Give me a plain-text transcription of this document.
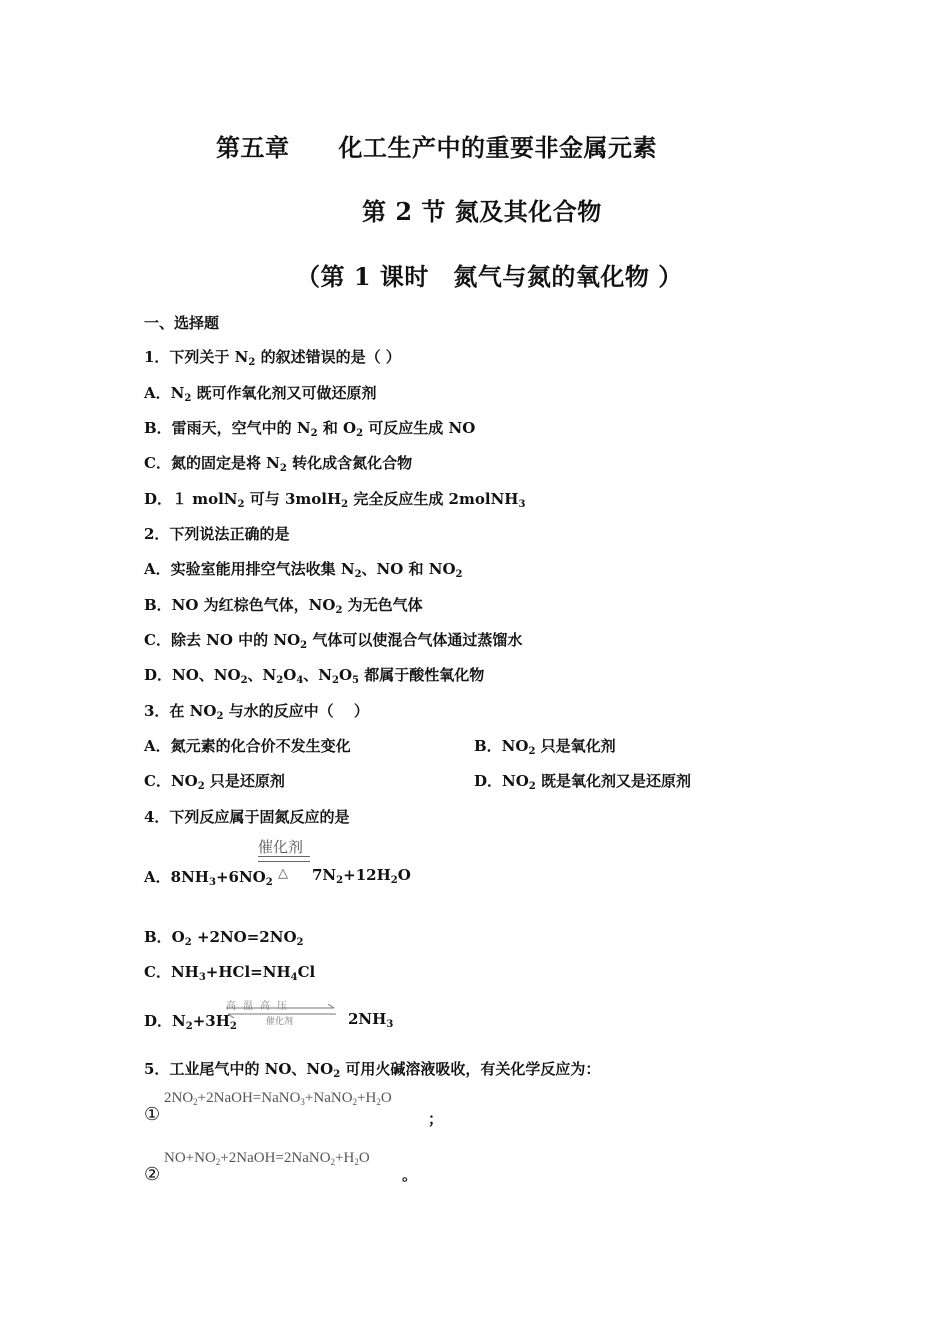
第五章　　化工生产中的重要非金属元素
第 2 节 氮及其化合物
（第 1 课时　氮气与氮的氧化物 ）
一、选择题
1．下列关于 $N_2$ 的叙述错误的是（ ）
A．$N_2$ 既可作氧化剂又可做还原剂
B．雷雨天，空气中的 $N_2$ 和 $O_2$ 可反应生成 NO
C．氮的固定是将 $N_2$ 转化成含氮化合物
D．１ molN$_2$ 可与 3molH$_2$ 完全反应生成 2molNH$_3$
2．下列说法正确的是
A．实验室能用排空气法收集 $N_2$、NO 和 $NO_2$
B．NO 为红棕色气体，$NO_2$ 为无色气体
C．除去 NO 中的 $NO_2$ 气体可以使混合气体通过蒸馏水
D．NO、$NO_2$、$N_2O_4$、$N_2O_5$ 都属于酸性氧化物
3．在 $NO_2$ 与水的反应中（　 ）
A．氮元素的化合价不发生变化	B．$NO_2$ 只是氧化剂
C．$NO_2$ 只是还原剂	D．$NO_2$ 既是氧化剂又是还原剂
4．下列反应属于固氮反应的是
催化剂
△
A．$8NH_3+6NO_2$	$7N_2+12H_2O$
B．$O_2 +2NO=2NO_2$
C．$NH_3+HCl=NH_4Cl$
D．$N_2+3H_2$
高温高压
催化剂	$2NH_3$
5．工业尾气中的 NO、$NO_2$ 可用火碱溶液吸收，有关化学反应为：
①
$2NO_2+2NaOH=NaNO_3+NaNO_2+H_2O$
；
②
$NO+NO_2+2NaOH=2NaNO_2+H_2O$
。
